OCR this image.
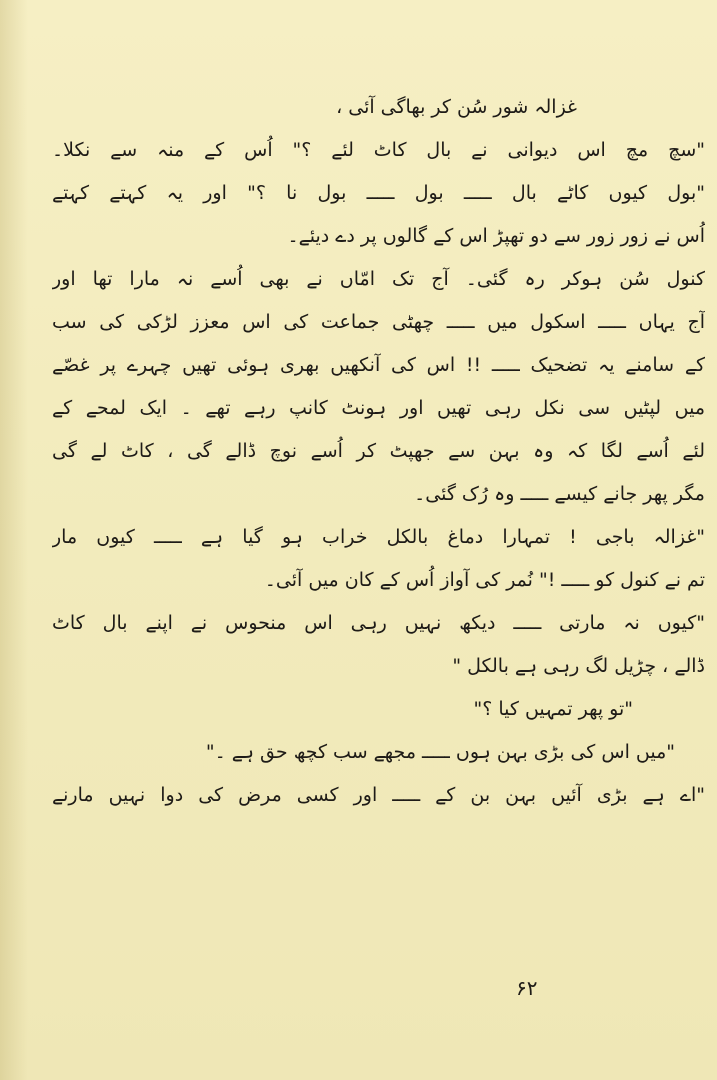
غزالہ شور سُن کر بھاگی آئی ،
"سچ مچ اس دیوانی نے بال کاٹ لئے ؟" اُس کے منہ سے نکلا۔
"بول کیوں کاٹے بال ـــــ بول ـــــ بول نا ؟" اور یہ کہتے کہتے
اُس نے زور زور سے دو تھپڑ اس کے گالوں پر دے دیئے۔
کنول سُن ہوکر رہ گئی۔ آج تک امّاں نے بھی اُسے نہ مارا تھا اور
آج یہاں ـــــ اسکول میں ـــــ چھٹی جماعت کی اس معزز لڑکی کی سب
کے سامنے یہ تضحیک ـــــ !! اس کی آنکھیں بھری ہوئی تھیں چہرے پر غصّے
میں لپٹیں سی نکل رہی تھیں اور ہونٹ کانپ رہے تھے ۔ ایک لمحے کے
لئے اُسے لگا کہ وہ بہن سے جھپٹ کر اُسے نوچ ڈالے گی ، کاٹ لے گی
مگر پھر جانے کیسے ـــــ وہ رُک گئی۔
"غزالہ باجی ! تمہارا دماغ بالکل خراب ہو گیا ہے ـــــ کیوں مار
تم نے کنول کو ـــــ !" نُمر کی آواز اُس کے کان میں آئی۔
"کیوں نہ مارتی ـــــ دیکھ نہیں رہی اس منحوس نے اپنے بال کاٹ
ڈالے ، چڑیل لگ رہی ہے بالکل "
"تو پھر تمہیں کیا ؟"
"میں اس کی بڑی بہن ہوں ـــــ مجھے سب کچھ حق ہے ۔"
"اے ہے بڑی آئیں بہن بن کے ـــــ اور کسی مرض کی دوا نہیں مارنے
۶۲
